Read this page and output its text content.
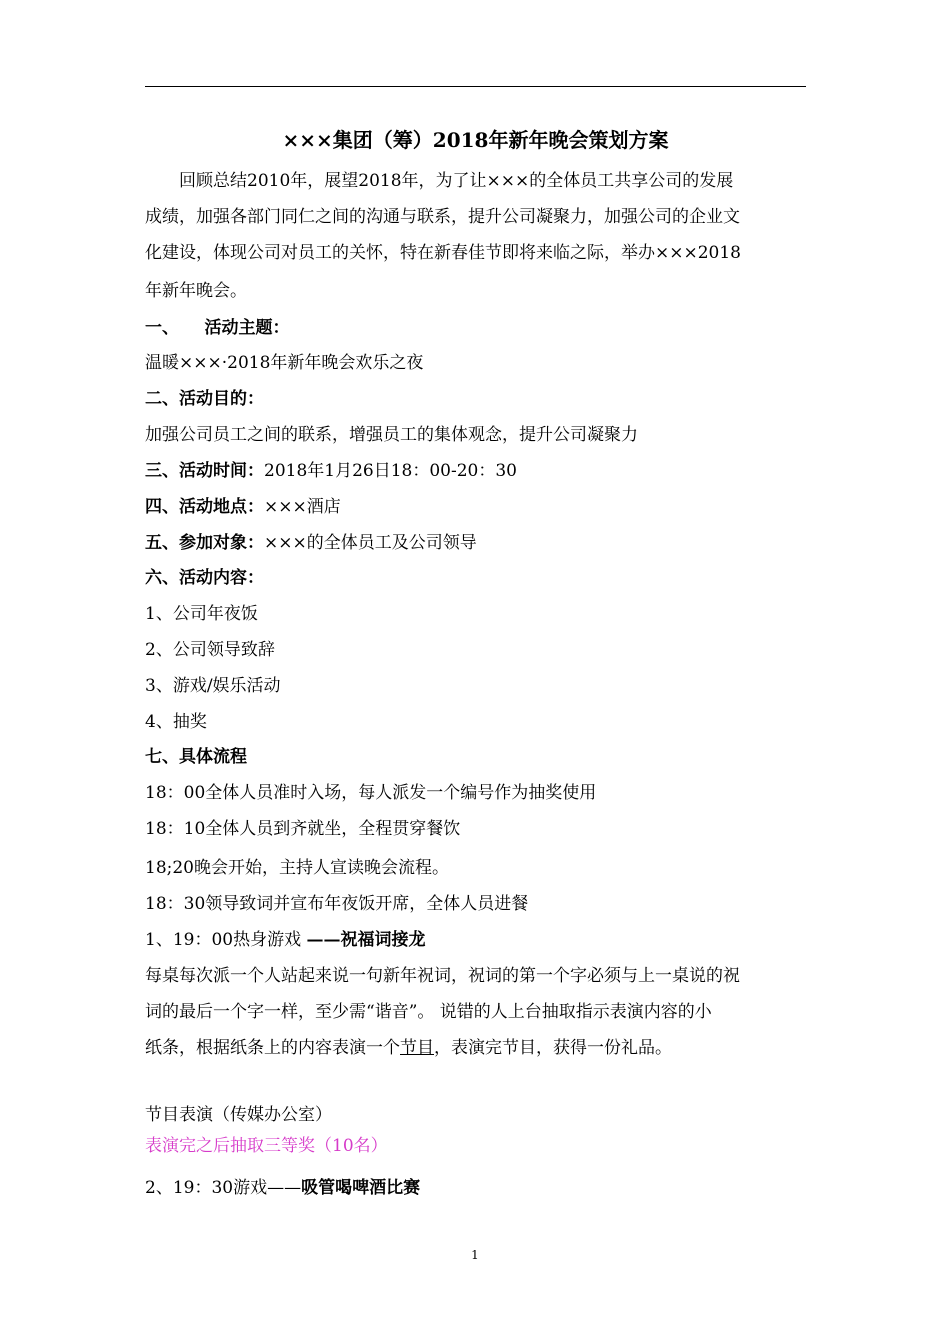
×××集团（筹）2018年新年晚会策划方案
　　回顾总结2010年，展望2018年，为了让×××的全体员工共享公司的发展
成绩，加强各部门同仁之间的沟通与联系，提升公司凝聚力，加强公司的企业文
化建设，体现公司对员工的关怀，特在新春佳节即将来临之际，举办×××2018
年新年晚会。
一、　　活动主题：
温暖×××·2018年新年晚会欢乐之夜
二、活动目的：
加强公司员工之间的联系，增强员工的集体观念，提升公司凝聚力
三、活动时间：2018年1月26日18：00-20：30
四、活动地点：×××酒店
五、参加对象：×××的全体员工及公司领导
六、活动内容：
1、公司年夜饭
2、公司领导致辞
3、游戏/娱乐活动
4、抽奖
七、具体流程
18：00全体人员准时入场，每人派发一个编号作为抽奖使用
18：10全体人员到齐就坐，全程贯穿餐饮
18;20晚会开始，主持人宣读晚会流程。
18：30领导致词并宣布年夜饭开席，全体人员进餐
1、19：00热身游戏 ——祝福词接龙
每桌每次派一个人站起来说一句新年祝词，祝词的第一个字必须与上一桌说的祝
词的最后一个字一样，至少需“谐音”。 说错的人上台抽取指示表演内容的小
纸条，根据纸条上的内容表演一个节目，表演完节目，获得一份礼品。
节目表演（传媒办公室）
表演完之后抽取三等奖（10名）
2、19：30游戏——吸管喝啤酒比赛
1
